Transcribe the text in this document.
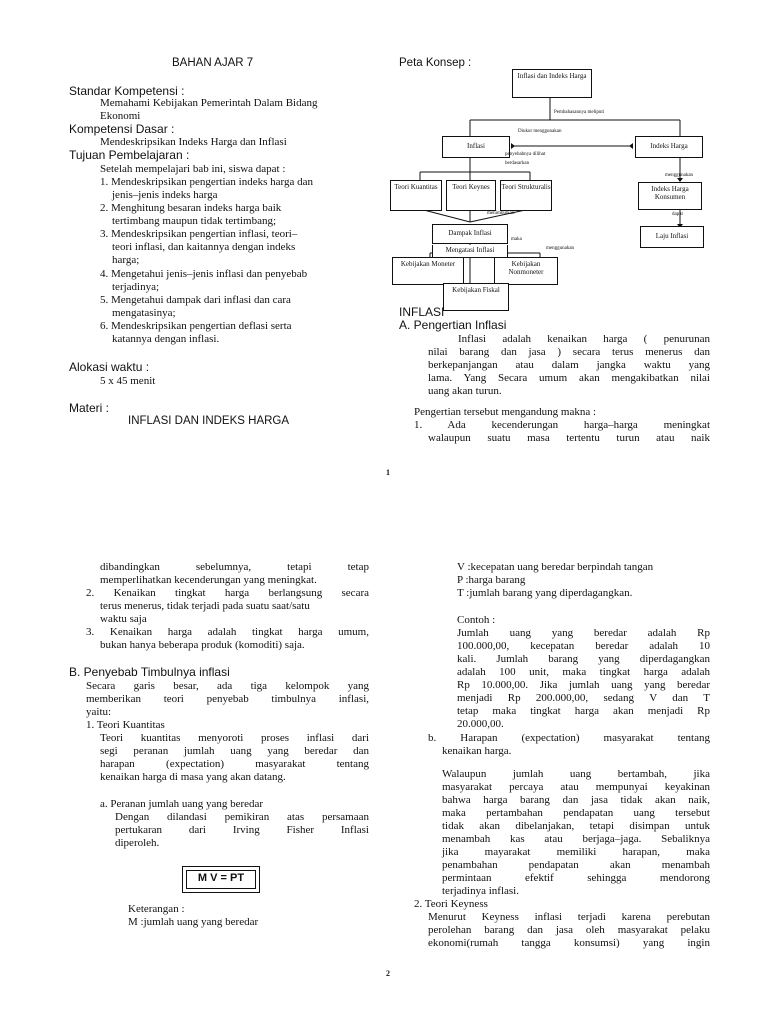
BAHAN AJAR 7
Standar Kompetensi :
Memahami Kebijakan Pemerintah Dalam Bidang
Ekonomi
Kompetensi Dasar :
Mendeskripsikan Indeks Harga dan Inflasi
Tujuan Pembelajaran :
Setelah mempelajari bab ini, siswa dapat :
1. Mendeskripsikan pengertian indeks harga dan
jenis–jenis indeks harga
2. Menghitung besaran indeks harga baik
tertimbang maupun tidak tertimbang;
3. Mendeskripsikan pengertian inflasi, teori–
teori inflasi, dan kaitannya dengan indeks
harga;
4. Mengetahui jenis–jenis inflasi dan penyebab
terjadinya;
5. Mengetahui dampak dari inflasi dan cara
mengatasinya;
6. Mendeskripsikan pengertian deflasi serta
katannya dengan inflasi.
Alokasi waktu :
5 x 45 menit
Materi :
INFLASI DAN INDEKS HARGA
Peta Konsep :
Inflasi dan Indeks Harga
Pembahasannya meliputi
Diukur menggunakan
Inflasi	Indeks Harga
penyebabnya dilihat
berdasarkan
Teori Kuantitas	Teori Keynes	Teori Strukturalis
menggunakan
Indeks Harga Konsumen
menimbulkan	dapat
Laju Inflasi
Dampak Inflasi
maka
menggunakan
Mengatasi Inflasi
Kebijakan Moneter	Kebijakan Nonmoneter
Kebijakan Fiskal
INFLASI
A. Pengertian Inflasi
Inflasi adalah kenaikan harga ( penurunan
nilai barang dan jasa ) secara terus menerus dan
berkepanjangan atau dalam jangka waktu yang
lama. Yang Secara umum akan mengakibatkan nilai
uang akan turun.
Pengertian tersebut mengandung makna :
1. Ada kecenderungan harga–harga meningkat
walaupun suatu masa tertentu turun atau naik
1
dibandingkan sebelumnya, tetapi tetap
memperlihatkan kecenderungan yang meningkat.
2. Kenaikan tingkat harga berlangsung secara
terus menerus, tidak terjadi pada suatu saat/satu
waktu saja
3. Kenaikan harga adalah tingkat harga umum,
bukan hanya beberapa produk (komoditi) saja.
B. Penyebab Timbulnya inflasi
Secara garis besar, ada tiga kelompok yang
memberikan teori penyebab timbulnya inflasi,
yaitu:
1. Teori Kuantitas
Teori kuantitas menyoroti proses inflasi dari
segi peranan jumlah uang yang beredar dan
harapan (expectation) masyarakat tentang
kenaikan harga di masa yang akan datang.
a. Peranan jumlah uang yang beredar
Dengan dilandasi pemikiran atas persamaan
pertukaran dari Irving Fisher Inflasi
diperoleh.
M V = PT
Keterangan :
M :jumlah uang yang beredar
V :kecepatan uang beredar berpindah tangan
P :harga barang
T :jumlah barang yang diperdagangkan.
Contoh :
Jumlah uang yang beredar adalah Rp
100.000,00, kecepatan beredar adalah 10
kali. Jumlah barang yang diperdagangkan
adalah 100 unit, maka tingkat harga adalah
Rp 10.000,00. Jika jumlah uang yang beredar
menjadi Rp 200.000,00, sedang V dan T
tetap maka tingkat harga akan menjadi Rp
20.000,00.
b. Harapan (expectation) masyarakat tentang
kenaikan harga.
Walaupun jumlah uang bertambah, jika
masyarakat percaya atau mempunyai keyakinan
bahwa harga barang dan jasa tidak akan naik,
maka pertambahan pendapatan uang tersebut
tidak akan dibelanjakan, tetapi disimpan untuk
menambah kas atau berjaga–jaga. Sebaliknya
jika mayarakat memiliki harapan, maka
penambahan pendapatan akan menambah
permintaan efektif sehingga mendorong
terjadinya inflasi.
2. Teori Keyness
Menurut Keyness inflasi terjadi karena perebutan
perolehan barang dan jasa oleh masyarakat pelaku
ekonomi(rumah tangga konsumsi) yang ingin
2
